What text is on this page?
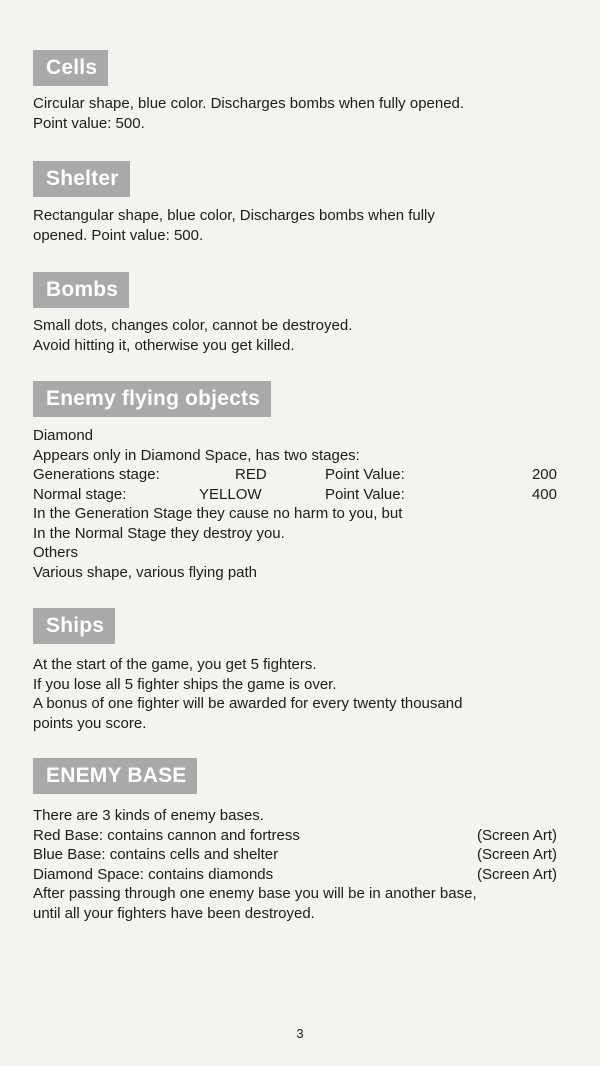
Cells
Circular shape, blue color. Discharges bombs when fully opened.
Point value: 500.
Shelter
Rectangular shape, blue color, Discharges bombs when fully
opened. Point value: 500.
Bombs
Small dots, changes color, cannot be destroyed.
Avoid hitting it, otherwise you get killed.
Enemy flying objects
Diamond
Appears only in Diamond Space, has two stages:
Generations stage:	RED	Point Value:	200
Normal stage:	YELLOW	Point Value:	400
In the Generation Stage they cause no harm to you, but
In the Normal Stage they destroy you.
Others
Various shape, various flying path
Ships
At the start of the game, you get 5 fighters.
If you lose all 5 fighter ships the game is over.
A bonus of one fighter will be awarded for every twenty thousand
points you score.
ENEMY BASE
There are 3 kinds of enemy bases.
Red Base: contains cannon and fortress	(Screen Art)
Blue Base: contains cells and shelter	(Screen Art)
Diamond Space: contains diamonds	(Screen Art)
After passing through one enemy base you will be in another base,
until all your fighters have been destroyed.
3
